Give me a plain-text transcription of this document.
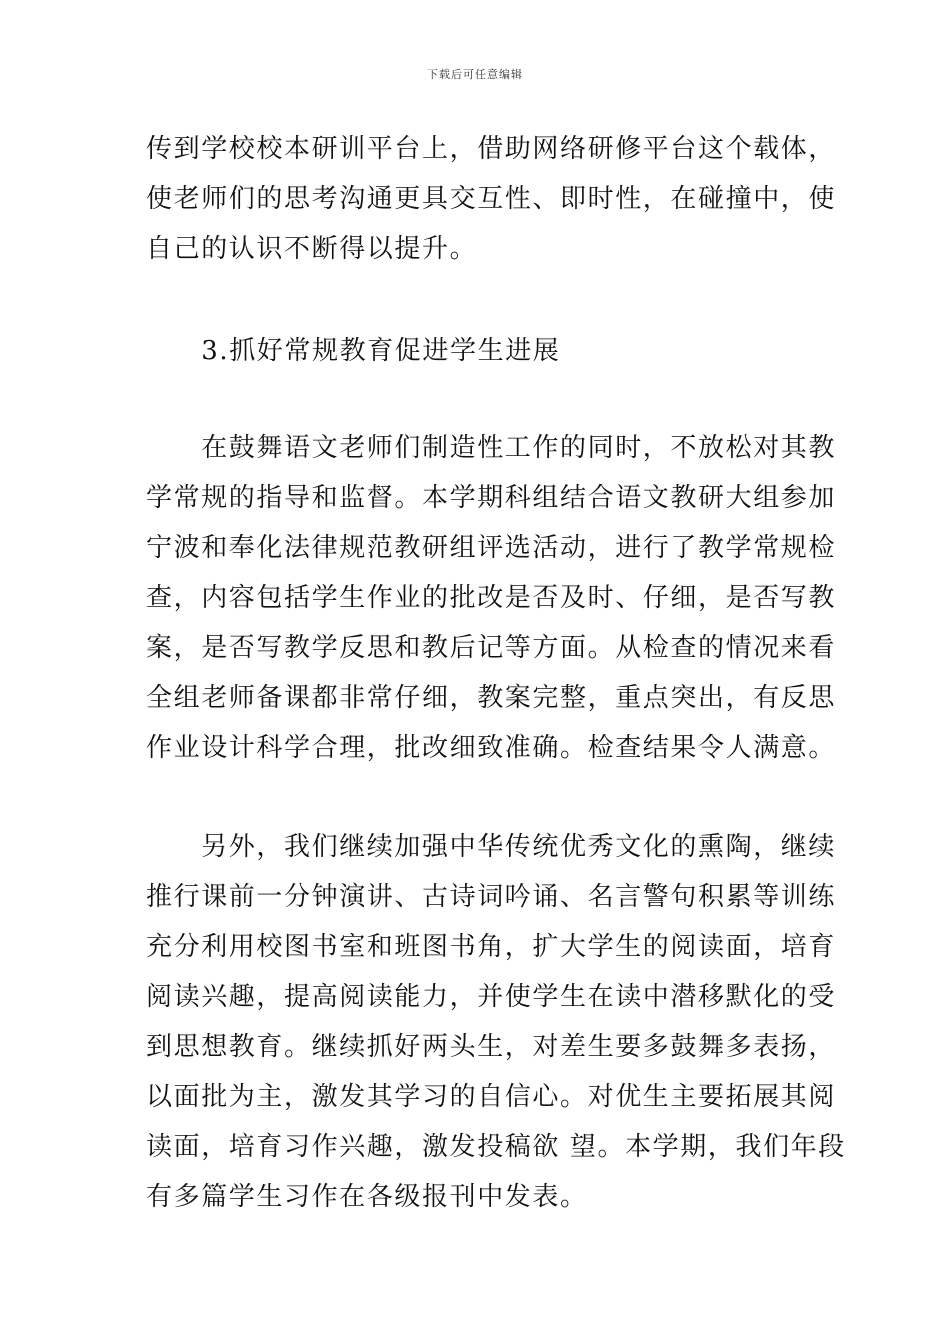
下载后可任意编辑
传到学校校本研训平台上，借助网络研修平台这个载体，
使老师们的思考沟通更具交互性、即时性，在碰撞中，使
自己的认识不断得以提升。
　　3.抓好常规教育促进学生进展
　　在鼓舞语文老师们制造性工作的同时，不放松对其教
学常规的指导和监督。本学期科组结合语文教研大组参加
宁波和奉化法律规范教研组评选活动，进行了教学常规检
查，内容包括学生作业的批改是否及时、仔细，是否写教
案，是否写教学反思和教后记等方面。从检查的情况来看
全组老师备课都非常仔细，教案完整，重点突出，有反思
作业设计科学合理，批改细致准确。检查结果令人满意。
　　另外，我们继续加强中华传统优秀文化的熏陶，继续
推行课前一分钟演讲、古诗词吟诵、名言警句积累等训练
充分利用校图书室和班图书角，扩大学生的阅读面，培育
阅读兴趣，提高阅读能力，并使学生在读中潜移默化的受
到思想教育。继续抓好两头生，对差生要多鼓舞多表扬，
以面批为主，激发其学习的自信心。对优生主要拓展其阅
读面，培育习作兴趣，激发投稿欲 望。本学期，我们年段
有多篇学生习作在各级报刊中发表。
